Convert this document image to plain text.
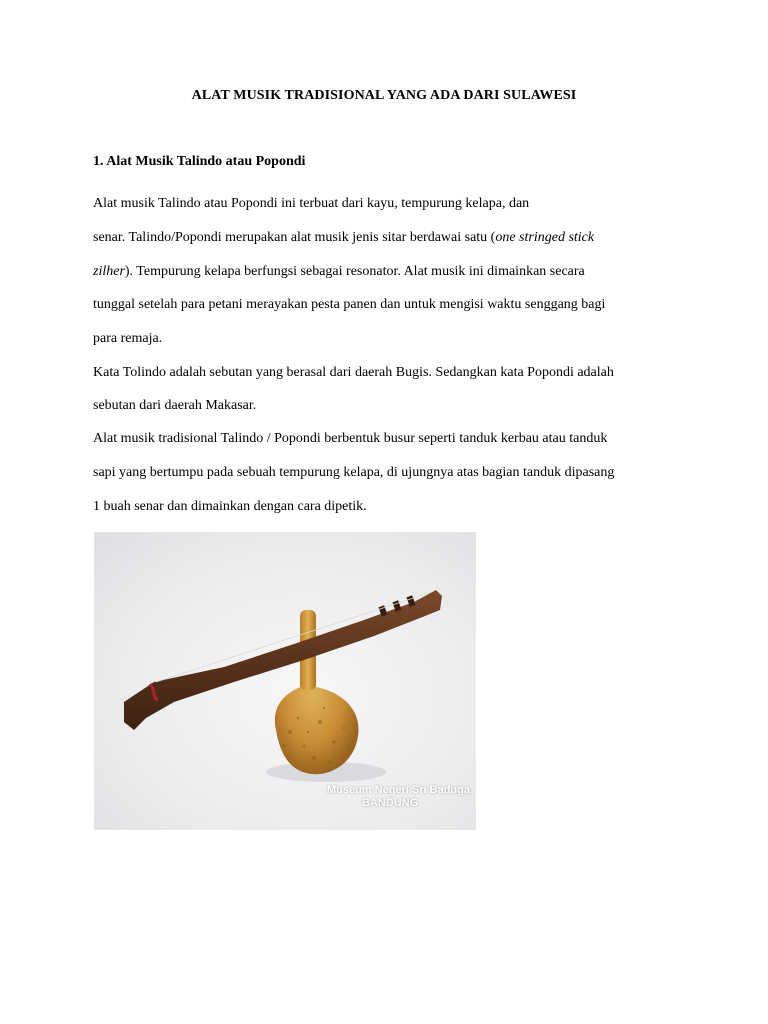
ALAT MUSIK TRADISIONAL YANG ADA DARI SULAWESI
1. Alat Musik Talindo atau Popondi
Alat musik Talindo atau Popondi ini terbuat dari kayu, tempurung kelapa, dan
senar. Talindo/Popondi merupakan alat musik jenis sitar berdawai satu (one stringed stick
zilher). Tempurung kelapa berfungsi sebagai resonator. Alat musik ini dimainkan secara
tunggal setelah para petani merayakan pesta panen dan untuk mengisi waktu senggang bagi
para remaja.
Kata Tolindo adalah sebutan yang berasal dari daerah Bugis. Sedangkan kata Popondi adalah
sebutan dari daerah Makasar.
Alat musik tradisional Talindo / Popondi berbentuk busur seperti tanduk kerbau atau tanduk
sapi yang bertumpu pada sebuah tempurung kelapa, di ujungnya atas bagian tanduk dipasang
1 buah senar dan dimainkan dengan cara dipetik.
Museum Negeri Sri Baduga
BANDUNG
